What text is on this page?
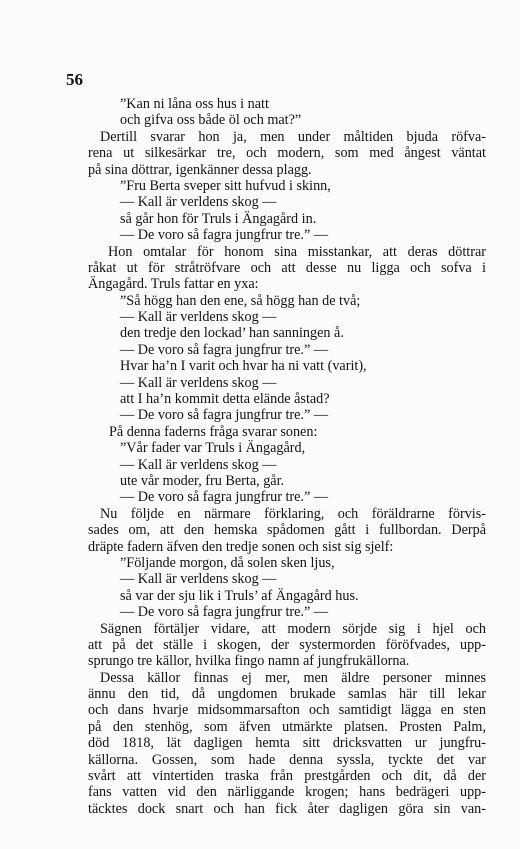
56
”Kan ni låna oss hus i natt
och gifva oss både öl och mat?”
Dertill svarar hon ja, men under måltiden bjuda röfva-
rena ut silkesärkar tre, och modern, som med ångest väntat
på sina döttrar, igenkänner dessa plagg.
”Fru Berta sveper sitt hufvud i skinn,
— Kall är verldens skog —
så går hon för Truls i Ängagård in.
— De voro så fagra jungfrur tre.” —
Hon omtalar för honom sina misstankar, att deras döttrar
råkat ut för stråtröfvare och att desse nu ligga och sofva i
Ängagård. Truls fattar en yxa:
”Så högg han den ene, så högg han de två;
— Kall är verldens skog —
den tredje den lockad’ han sanningen å.
— De voro så fagra jungfrur tre.” —
Hvar ha’n I varit och hvar ha ni vatt (varit),
— Kall är verldens skog —
att I ha’n kommit detta elände åstad?
— De voro så fagra jungfrur tre.” —
På denna faderns fråga svarar sonen:
”Vår fader var Truls i Ängagård,
— Kall är verldens skog —
ute vår moder, fru Berta, går.
— De voro så fagra jungfrur tre.” —
Nu följde en närmare förklaring, och föräldrarne förvis-
sades om, att den hemska spådomen gått i fullbordan. Derpå
dräpte fadern äfven den tredje sonen och sist sig sjelf:
”Följande morgon, då solen sken ljus,
— Kall är verldens skog —
så var der sju lik i Truls’ af Ängagård hus.
— De voro så fagra jungfrur tre.” —
Sägnen förtäljer vidare, att modern sörjde sig i hjel och
att på det ställe i skogen, der systermorden föröfvades, upp-
sprungo tre källor, hvilka fingo namn af jungfrukällorna.
Dessa källor finnas ej mer, men äldre personer minnes
ännu den tid, då ungdomen brukade samlas här till lekar
och dans hvarje midsommarsafton och samtidigt lägga en sten
på den stenhög, som äfven utmärkte platsen. Prosten Palm,
död 1818, lät dagligen hemta sitt dricksvatten ur jungfru-
källorna. Gossen, som hade denna syssla, tyckte det var
svårt att vintertiden traska från prestgården och dit, då der
fans vatten vid den närliggande krogen; hans bedrägeri upp-
täcktes dock snart och han fick åter dagligen göra sin van-
